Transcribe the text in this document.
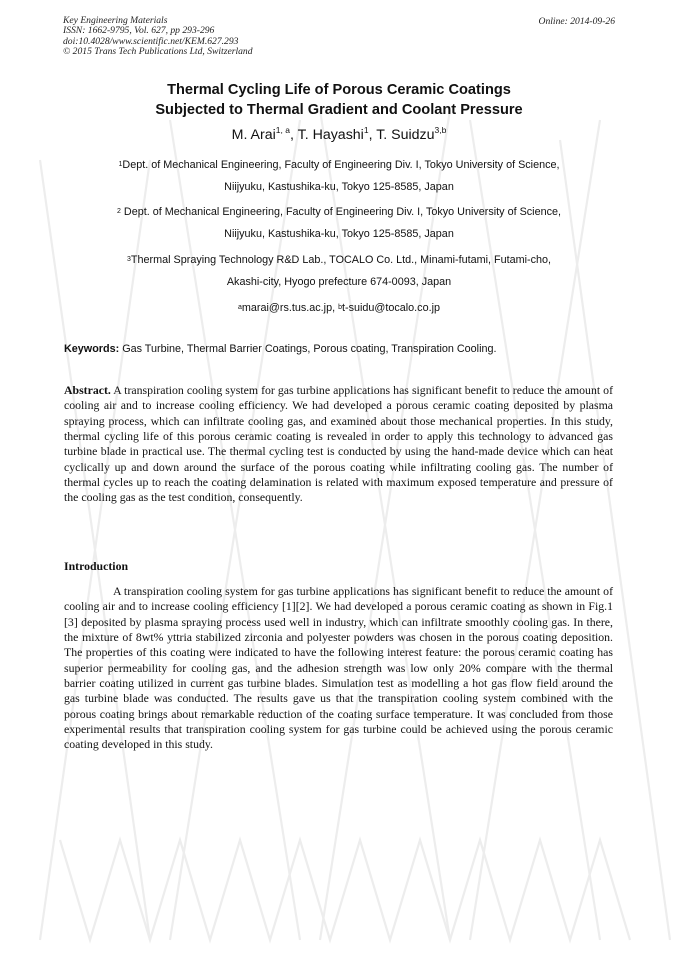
Key Engineering Materials
ISSN: 1662-9795, Vol. 627, pp 293-296
doi:10.4028/www.scientific.net/KEM.627.293
© 2015 Trans Tech Publications Ltd, Switzerland
Online: 2014-09-26
Thermal Cycling Life of Porous Ceramic Coatings
Subjected to Thermal Gradient and Coolant Pressure
M. Arai$^{1, a}$, T. Hayashi$^1$, T. Suidzu$^{3,b}$
$^1$Dept. of Mechanical Engineering, Faculty of Engineering Div. I, Tokyo University of Science,
Niijyuku, Kastushika-ku, Tokyo 125-8585, Japan
$^2$ Dept. of Mechanical Engineering, Faculty of Engineering Div. I, Tokyo University of Science,
Niijyuku, Kastushika-ku, Tokyo 125-8585, Japan
$^3$Thermal Spraying Technology R&D Lab., TOCALO Co. Ltd., Minami-futami, Futami-cho,
Akashi-city, Hyogo prefecture 674-0093, Japan
$^a$marai@rs.tus.ac.jp, $^b$t-suidu@tocalo.co.jp
Keywords: Gas Turbine, Thermal Barrier Coatings, Porous coating, Transpiration Cooling.
Abstract. A transpiration cooling system for gas turbine applications has significant benefit to reduce the amount of cooling air and to increase cooling efficiency. We had developed a porous ceramic coating deposited by plasma spraying process, which can infiltrate cooling gas, and examined about those mechanical properties. In this study, thermal cycling life of this porous ceramic coating is revealed in order to apply this technology to advanced gas turbine blade in practical use. The thermal cycling test is conducted by using the hand-made device which can heat cyclically up and down around the surface of the porous coating while infiltrating cooling gas. The number of thermal cycles up to reach the coating delamination is related with maximum exposed temperature and pressure of the cooling gas as the test condition, consequently.
Introduction
A transpiration cooling system for gas turbine applications has significant benefit to reduce the amount of cooling air and to increase cooling efficiency [1][2]. We had developed a porous ceramic coating as shown in Fig.1 [3] deposited by plasma spraying process used well in industry, which can infiltrate smoothly cooling gas. In there, the mixture of 8wt% yttria stabilized zirconia and polyester powders was chosen in the porous coating deposition. The properties of this coating were indicated to have the following interest feature: the porous ceramic coating has superior permeability for cooling gas, and the adhesion strength was low only 20% compare with the thermal barrier coating utilized in current gas turbine blades. Simulation test as modelling a hot gas flow field around the gas turbine blade was conducted. The results gave us that the transpiration cooling system combined with the porous coating brings about remarkable reduction of the coating surface temperature. It was concluded from those experimental results that transpiration cooling system for gas turbine could be achieved using the porous ceramic coating developed in this study.
